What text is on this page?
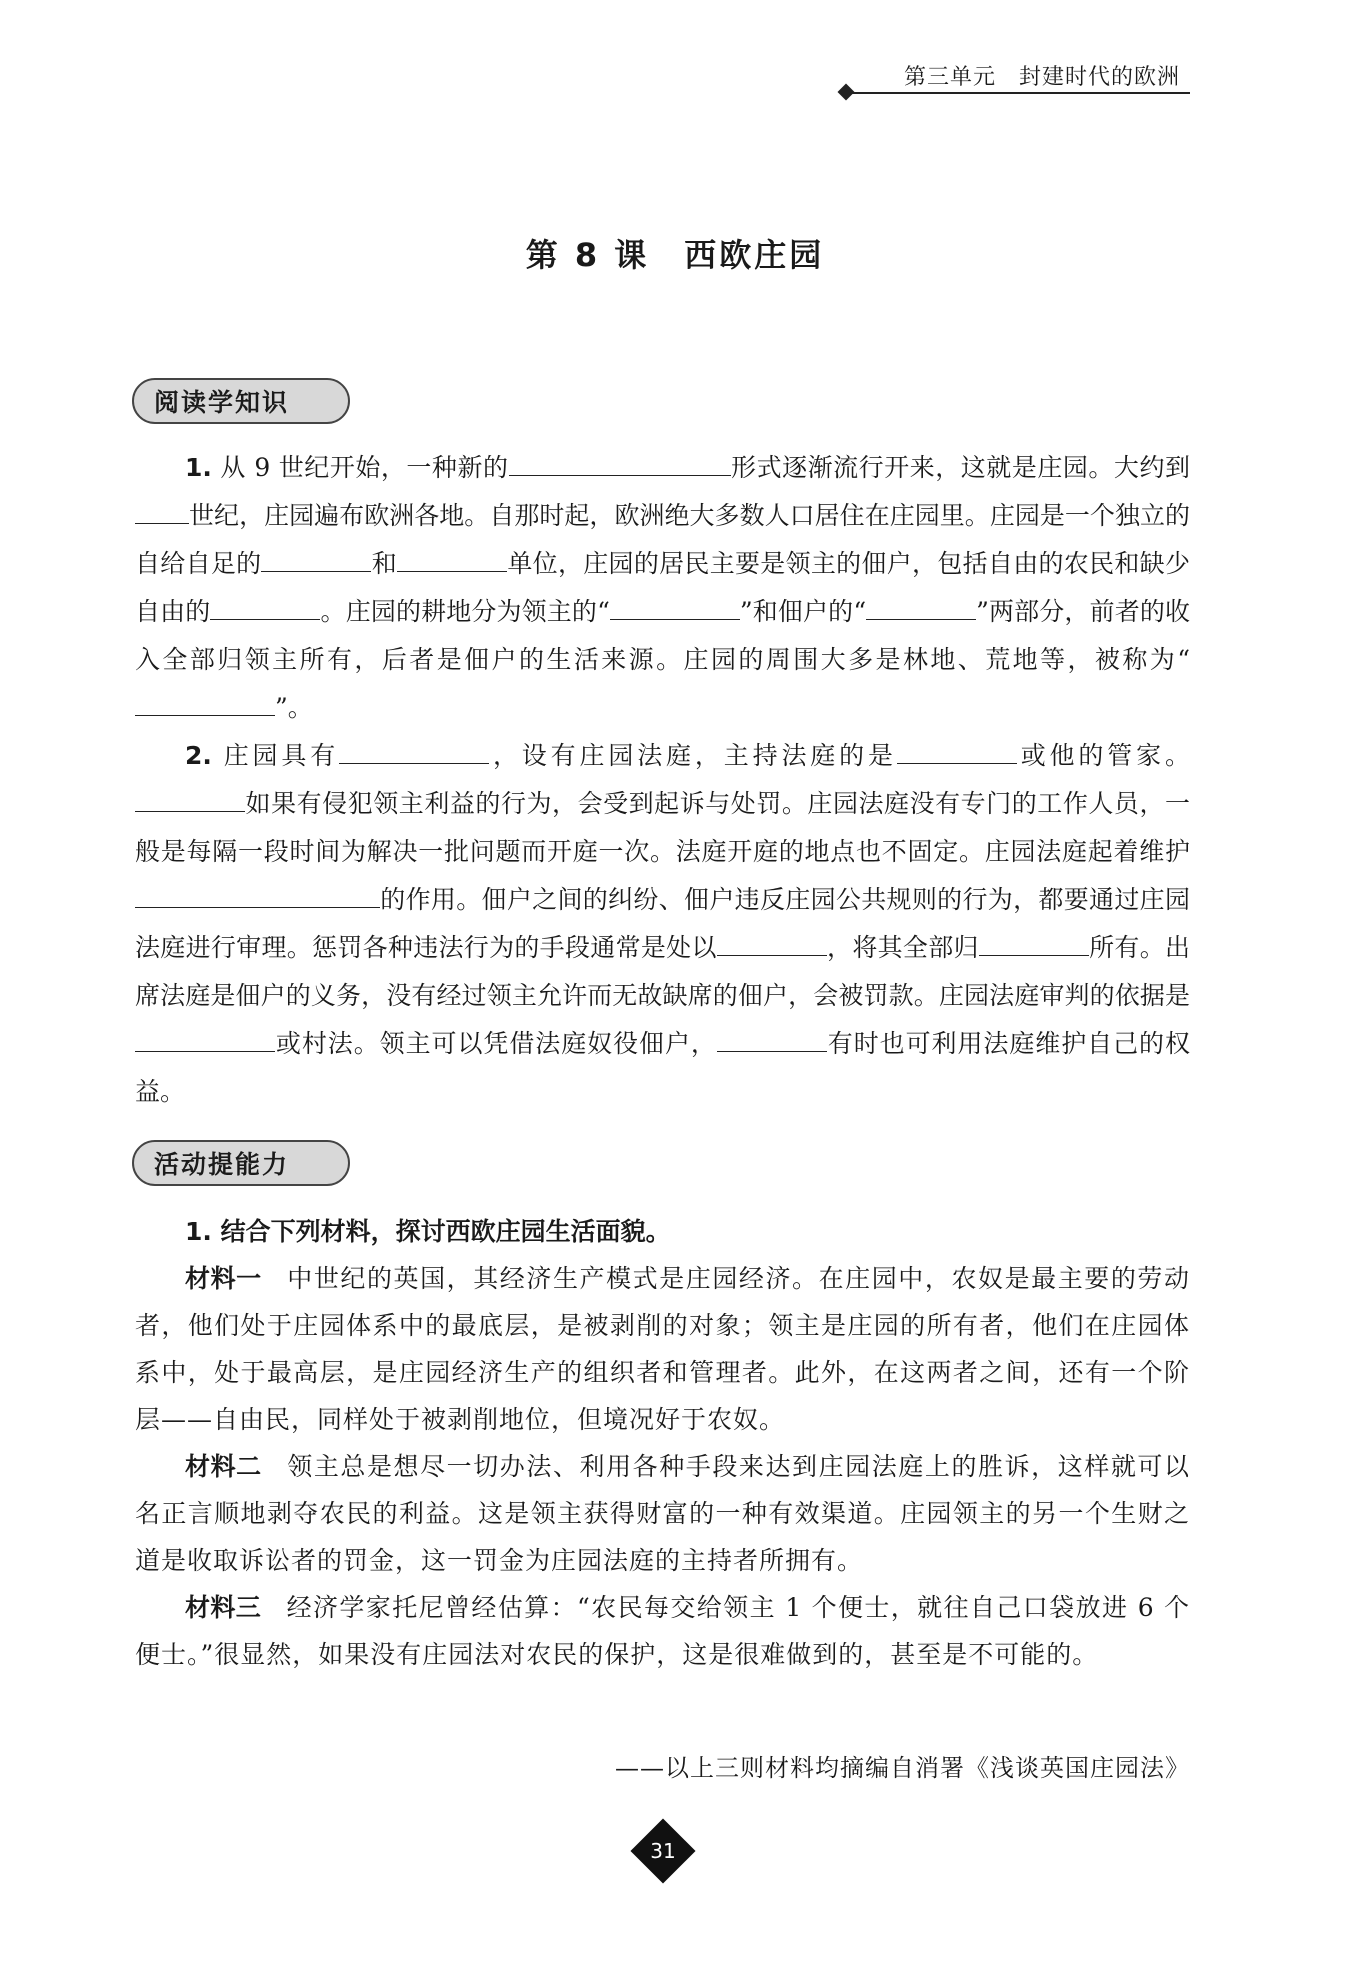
第三单元　封建时代的欧洲
第 8 课　西欧庄园
阅读学知识

1. 从 9 世纪开始，一种新的	形式逐渐流行开来，这就是庄园。大约到世纪，庄园遍布欧洲各地。自那时起，欧洲绝大多数人口居住在庄园里。庄园是一个独立的自给自足的	和	单位，庄园的居民主要是领主的佃户，包括自由的农民和缺少自由的	。庄园的耕地分为领主的“	”和佃户的“	”两部分，前者的收入全部归领主所有，后者是佃户的生活来源。庄园的周围大多是林地、荒地等，被称为“”。

2. 庄园具有	，设有庄园法庭，主持法庭的是	或他的管家。如果有侵犯领主利益的行为，会受到起诉与处罚。庄园法庭没有专门的工作人员，一般是每隔一段时间为解决一批问题而开庭一次。法庭开庭的地点也不固定。庄园法庭起着维护的作用。佃户之间的纠纷、佃户违反庄园公共规则的行为，都要通过庄园法庭进行审理。惩罚各种违法行为的手段通常是处以	，将其全部归	所有。出席法庭是佃户的义务，没有经过领主允许而无故缺席的佃户，会被罚款。庄园法庭审判的依据是或村法。领主可以凭借法庭奴役佃户，	有时也可利用法庭维护自己的权益。

活动提能力

1. 结合下列材料，探讨西欧庄园生活面貌。

材料一　 中世纪的英国，其经济生产模式是庄园经济。在庄园中，农奴是最主要的劳动者，他们处于庄园体系中的最底层，是被剥削的对象；领主是庄园的所有者，他们在庄园体系中，处于最高层，是庄园经济生产的组织者和管理者。此外，在这两者之间，还有一个阶层——自由民，同样处于被剥削地位，但境况好于农奴。

材料二　 领主总是想尽一切办法、利用各种手段来达到庄园法庭上的胜诉，这样就可以名正言顺地剥夺农民的利益。这是领主获得财富的一种有效渠道。庄园领主的另一个生财之道是收取诉讼者的罚金，这一罚金为庄园法庭的主持者所拥有。

材料三　 经济学家托尼曾经估算：“农民每交给领主 1 个便士，就往自己口袋放进 6 个便士。”很显然，如果没有庄园法对农民的保护，这是很难做到的，甚至是不可能的。

——以上三则材料均摘编自消署《浅谈英国庄园法》
31
